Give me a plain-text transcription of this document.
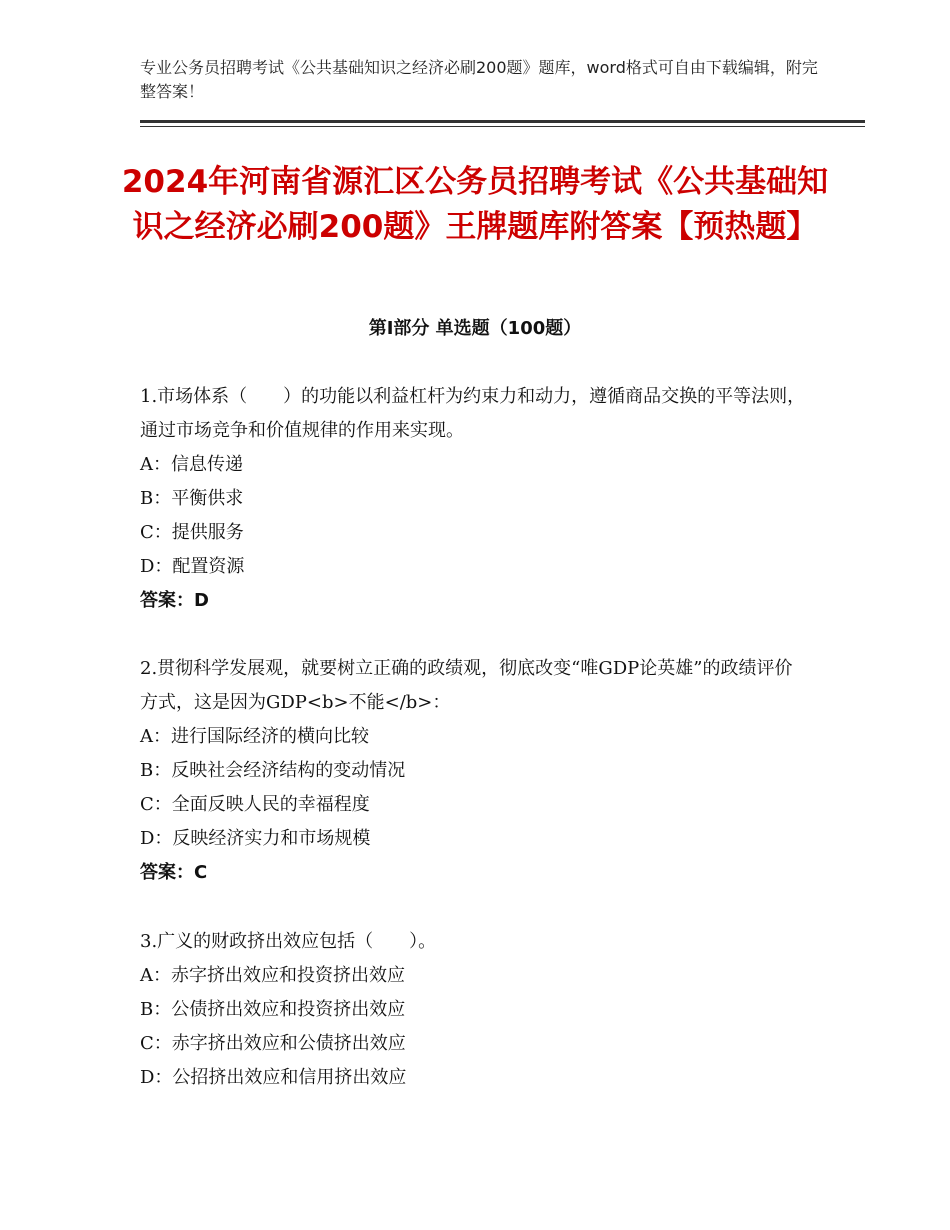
专业公务员招聘考试《公共基础知识之经济必刷200题》题库，word格式可自由下载编辑，附完整答案！
2024年河南省源汇区公务员招聘考试《公共基础知识之经济必刷200题》王牌题库附答案【预热题】
第Ⅰ部分 单选题（100题）
1.市场体系（　　）的功能以利益杠杆为约束力和动力，遵循商品交换的平等法则，通过市场竞争和价值规律的作用来实现。
A：信息传递
B：平衡供求
C：提供服务
D：配置资源
答案：D
2.贯彻科学发展观，就要树立正确的政绩观，彻底改变“唯GDP论英雄”的政绩评价方式，这是因为GDP<b>不能</b>：
A：进行国际经济的横向比较
B：反映社会经济结构的变动情况
C：全面反映人民的幸福程度
D：反映经济实力和市场规模
答案：C
3.广义的财政挤出效应包括（　　）。
A：赤字挤出效应和投资挤出效应
B：公债挤出效应和投资挤出效应
C：赤字挤出效应和公债挤出效应
D：公招挤出效应和信用挤出效应
